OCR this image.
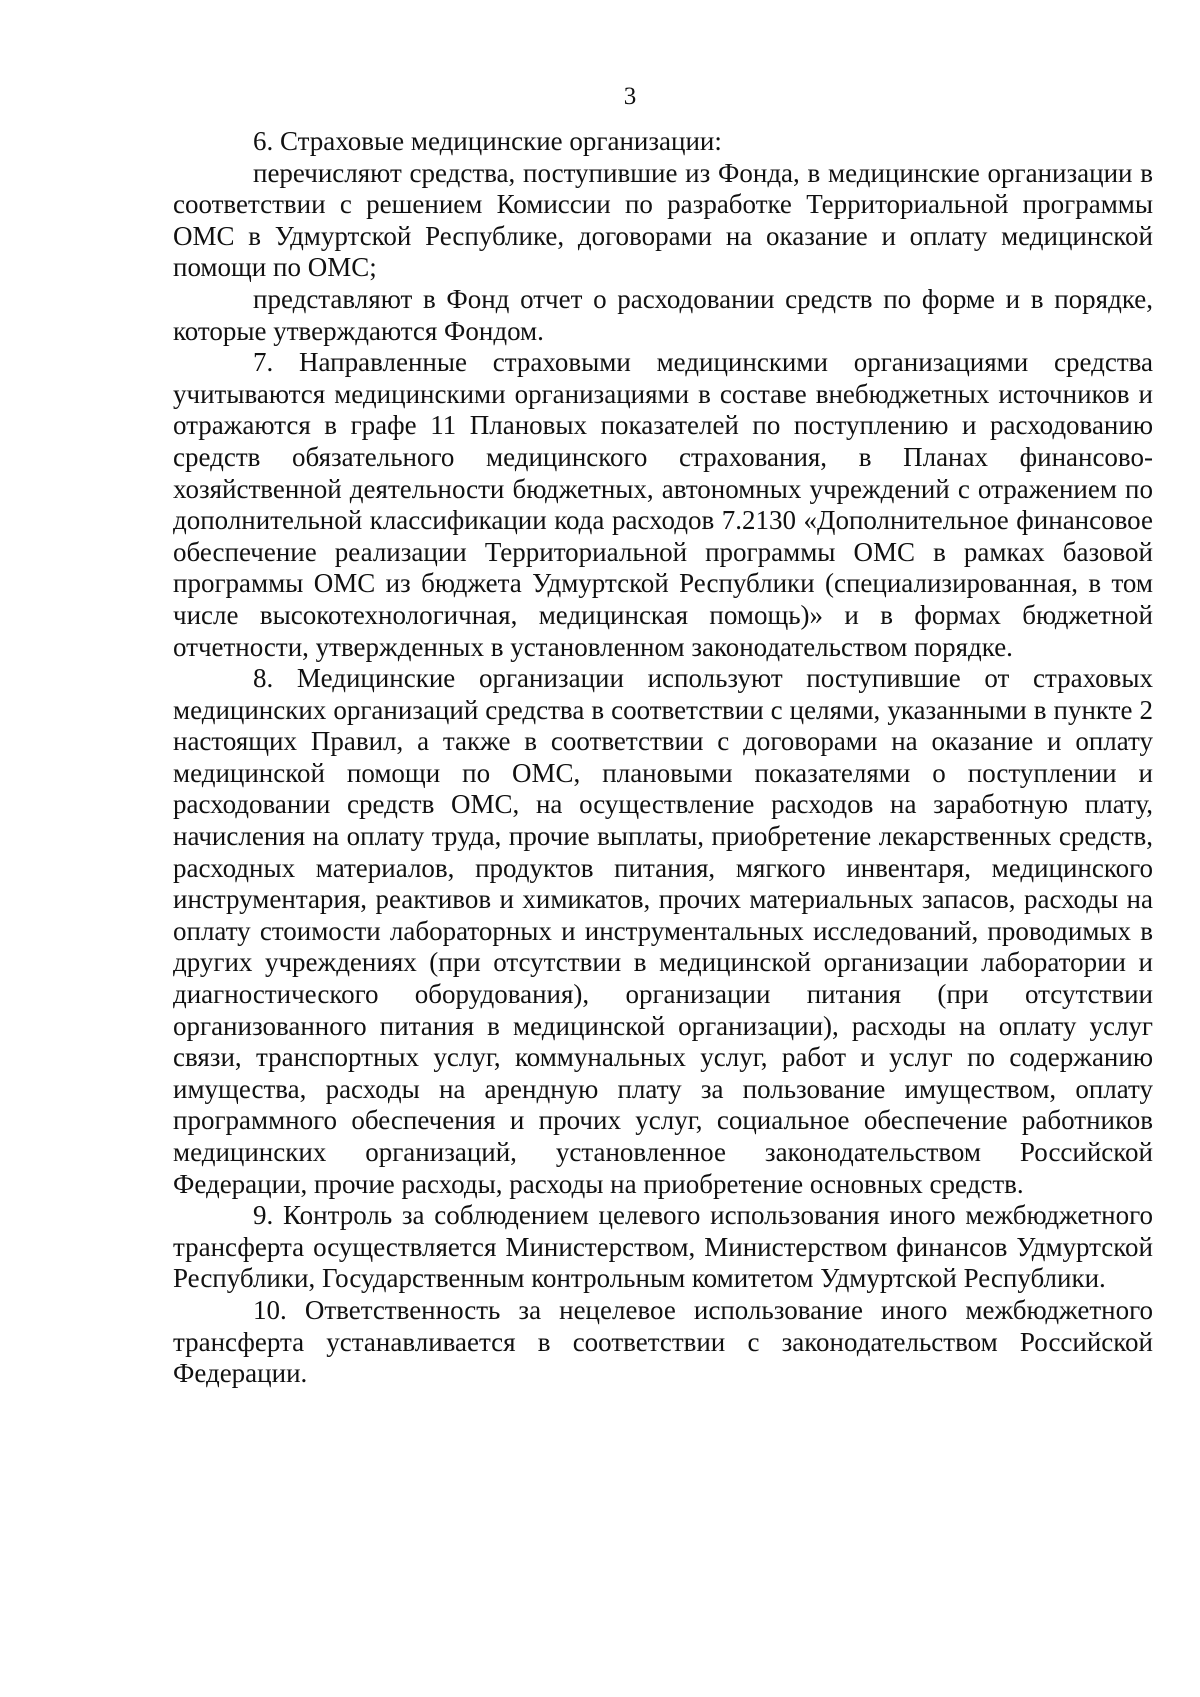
3

6. Страховые медицинские организации:

перечисляют средства, поступившие из Фонда, в медицинские организации в соответствии с решением Комиссии по разработке Территориальной программы ОМС в Удмуртской Республике, договорами на оказание и оплату медицинской помощи по ОМС;

представляют в Фонд отчет о расходовании средств по форме и в порядке, которые утверждаются Фондом.

7. Направленные страховыми медицинскими организациями средства учитываются медицинскими организациями в составе внебюджетных источников и отражаются в графе 11 Плановых показателей по поступлению и расходованию средств обязательного медицинского страхования, в Планах финансово-хозяйственной деятельности бюджетных, автономных учреждений с отражением по дополнительной классификации кода расходов 7.2130 «Дополнительное финансовое обеспечение реализации Территориальной программы ОМС в рамках базовой программы ОМС из бюджета Удмуртской Республики (специализированная, в том числе высокотехнологичная, медицинская помощь)» и в формах бюджетной отчетности, утвержденных в установленном законодательством порядке.

8. Медицинские организации используют поступившие от страховых медицинских организаций средства в соответствии с целями, указанными в пункте 2 настоящих Правил, а также в соответствии с договорами на оказание и оплату медицинской помощи по ОМС, плановыми показателями о поступлении и расходовании средств ОМС, на осуществление расходов на заработную плату, начисления на оплату труда, прочие выплаты, приобретение лекарственных средств, расходных материалов, продуктов питания, мягкого инвентаря, медицинского инструментария, реактивов и химикатов, прочих материальных запасов, расходы на оплату стоимости лабораторных и инструментальных исследований, проводимых в других учреждениях (при отсутствии в медицинской организации лаборатории и диагностического оборудования), организации питания (при отсутствии организованного питания в медицинской организации), расходы на оплату услуг связи, транспортных услуг, коммунальных услуг, работ и услуг по содержанию имущества, расходы на арендную плату за пользование имуществом, оплату программного обеспечения и прочих услуг, социальное обеспечение работников медицинских организаций, установленное законодательством Российской Федерации, прочие расходы, расходы на приобретение основных средств.

9. Контроль за соблюдением целевого использования иного межбюджетного трансферта осуществляется Министерством, Министерством финансов Удмуртской Республики, Государственным контрольным комитетом Удмуртской Республики.

10. Ответственность за нецелевое использование иного межбюджетного трансферта устанавливается в соответствии с законодательством Российской Федерации.
